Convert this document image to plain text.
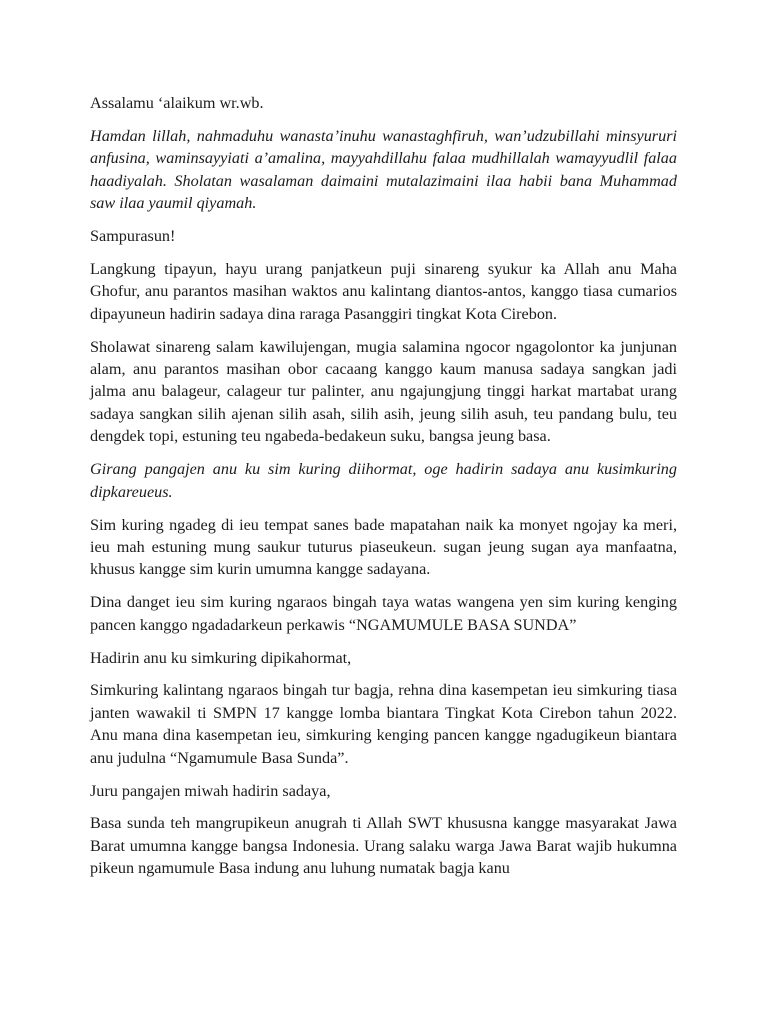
Assalamu ‘alaikum wr.wb.

Hamdan lillah, nahmaduhu wanasta’inuhu wanastaghfiruh, wan’udzubillahi minsyururi anfusina, waminsayyiati a’amalina, mayyahdillahu falaa mudhillalah wamayyudlil falaa haadiyalah. Sholatan wasalaman daimaini mutalazimaini ilaa habii bana Muhammad saw ilaa yaumil qiyamah.

Sampurasun!

Langkung tipayun, hayu urang panjatkeun puji sinareng syukur ka Allah anu Maha Ghofur, anu parantos masihan waktos anu kalintang diantos-antos, kanggo tiasa cumarios dipayuneun hadirin sadaya dina raraga Pasanggiri tingkat Kota Cirebon.

Sholawat sinareng salam kawilujengan, mugia salamina ngocor ngagolontor ka junjunan alam, anu parantos masihan obor cacaang kanggo kaum manusa sadaya sangkan jadi jalma anu balageur, calageur tur palinter, anu ngajungjung tinggi harkat martabat urang sadaya sangkan silih ajenan silih asah, silih asih, jeung silih asuh, teu pandang bulu, teu dengdek topi, estuning teu ngabeda-bedakeun suku, bangsa jeung basa.

Girang pangajen anu ku sim kuring diihormat, oge hadirin sadaya anu kusimkuring dipkareueus.

Sim kuring ngadeg di ieu tempat sanes bade mapatahan naik ka monyet ngojay ka meri, ieu mah estuning mung saukur tuturus piaseukeun. sugan jeung sugan aya manfaatna, khusus kangge sim kurin umumna kangge sadayana.

Dina danget ieu sim kuring ngaraos bingah taya watas wangena yen sim kuring kenging pancen kanggo ngadadarkeun perkawis “NGAMUMULE BASA SUNDA”

Hadirin anu ku simkuring dipikahormat,

Simkuring kalintang ngaraos bingah tur bagja, rehna dina kasempetan ieu simkuring tiasa janten wawakil ti SMPN 17 kangge lomba biantara Tingkat Kota Cirebon tahun 2022. Anu mana dina kasempetan ieu, simkuring kenging pancen kangge ngadugikeun biantara anu judulna “Ngamumule Basa Sunda”.

Juru pangajen miwah hadirin sadaya,

Basa sunda teh mangrupikeun anugrah ti Allah SWT khususna kangge masyarakat Jawa Barat umumna kangge bangsa Indonesia. Urang salaku warga Jawa Barat wajib hukumna pikeun ngamumule Basa indung anu luhung numatak bagja kanu
